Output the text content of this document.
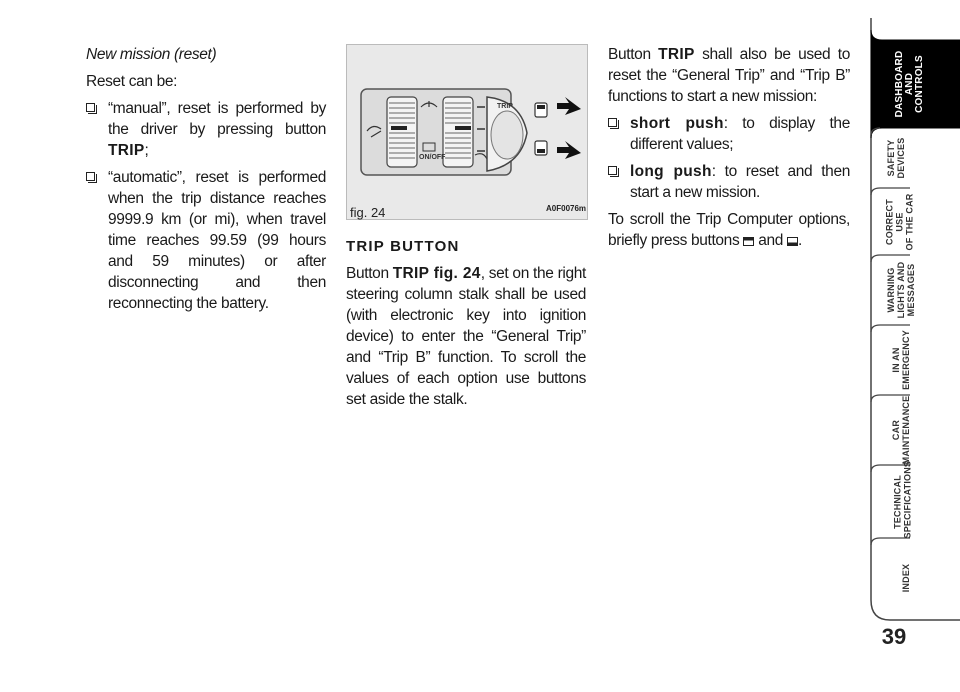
New mission (reset)

Reset can be:

“manual”, reset is performed by the driver by pressing button TRIP;
“automatic”, reset is performed when the trip distance reaches 9999.9 km (or mi), when travel time reaches 99.59 (99 hours and 59 minutes) or after disconnecting and then reconnecting the battery.
TRIP
ON/OFF
fig. 24	A0F0076m
TRIP BUTTON

Button TRIP fig. 24, set on the right steering column stalk shall be used (with electronic key into ignition device) to enter the “General Trip” and “Trip B” function. To scroll the values of each option use buttons set aside the stalk.

Button TRIP shall also be used to reset the “General Trip” and “Trip B” functions to start a new mission:

short push: to display the different values;
long push: to reset and then start a new mission.

To scroll the Trip Computer options, briefly press buttons  and .

DASHBOARD AND CONTROLS
SAFETY DEVICES
CORRECT USE OF THE CAR
WARNING LIGHTS AND MESSAGES
IN AN EMERGENCY
CAR MAINTENANCE
TECHNICAL SPECIFICATIONS
INDEX
39
